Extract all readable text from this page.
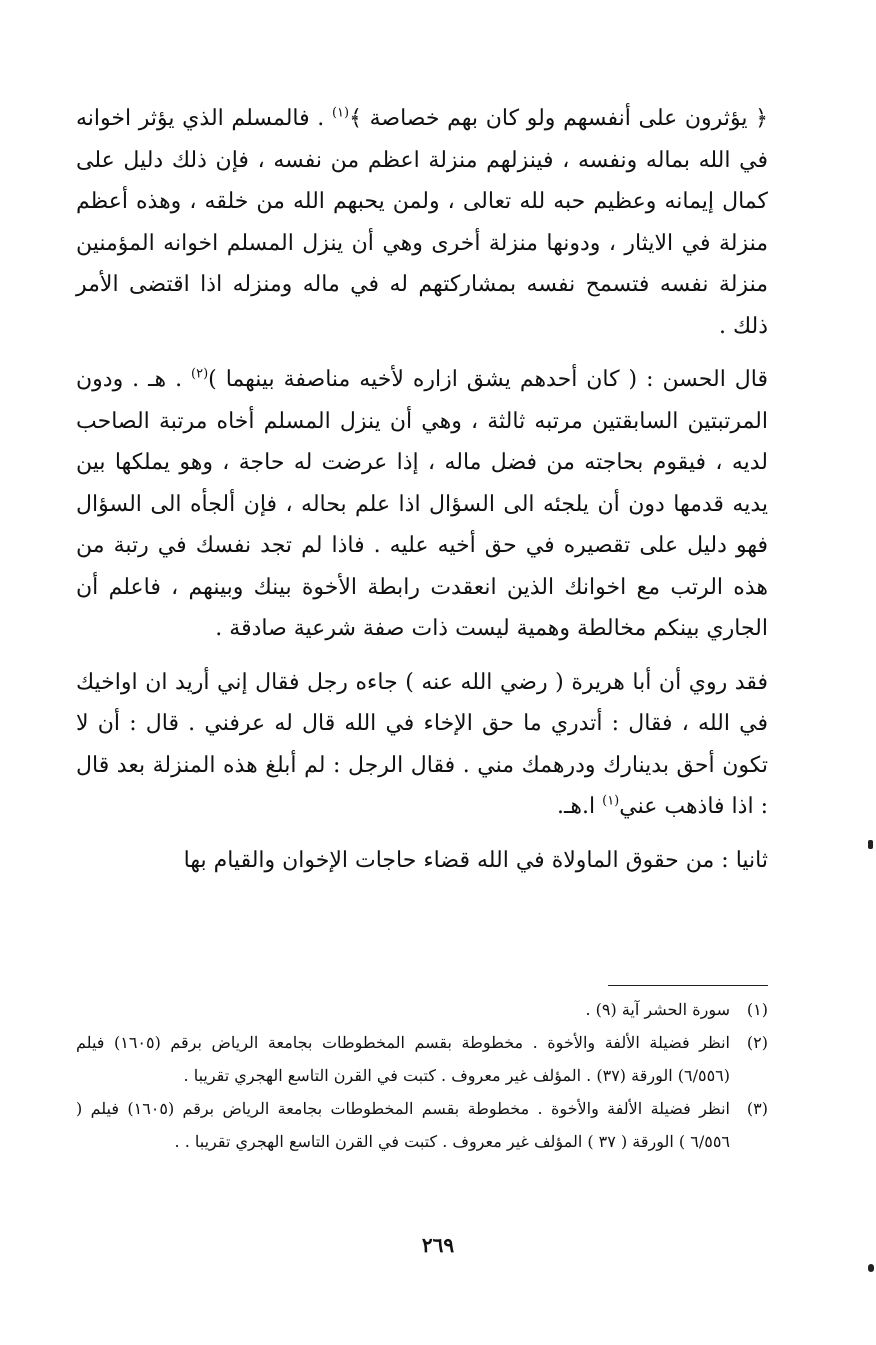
﴿ يؤثرون على أنفسهم ولو كان بهم خصاصة ﴾$^{(١)}$ . فالمسلم الذي يؤثر اخوانه في الله بماله ونفسه ، فينزلهم منزلة اعظم من نفسه ، فإن ذلك دليل على كمال إيمانه وعظيم حبه لله تعالى ، ولمن يحبهم الله من خلقه ، وهذه أعظم منزلة في الايثار ، ودونها منزلة أخرى وهي أن ينزل المسلم اخوانه المؤمنين منزلة نفسه فتسمح نفسه بمشاركتهم له في ماله ومنزله اذا اقتضى الأمر ذلك .

قال الحسن : ( كان أحدهم يشق ازاره لأخيه مناصفة بينهما )$^{(٢)}$ . هـ . ودون المرتبتين السابقتين مرتبه ثالثة ، وهي أن ينزل المسلم أخاه مرتبة الصاحب لديه ، فيقوم بحاجته من فضل ماله ، إذا عرضت له حاجة ، وهو يملكها بين يديه قدمها دون أن يلجئه الى السؤال اذا علم بحاله ، فإن ألجأه الى السؤال فهو دليل على تقصيره في حق أخيه عليه . فاذا لم تجد نفسك في رتبة من هذه الرتب مع اخوانك الذين انعقدت رابطة الأخوة بينك وبينهم ، فاعلم أن الجاري بينكم مخالطة وهمية ليست ذات صفة شرعية صادقة .

فقد روي أن أبا هريرة ( رضي الله عنه ) جاءه رجل فقال إني أريد ان اواخيك في الله ، فقال : أتدري ما حق الإخاء في الله قال له عرفني . قال : أن لا تكون أحق بدينارك ودرهمك مني . فقال الرجل : لم أبلغ هذه المنزلة بعد قال : اذا فاذهب عني$^{(١)}$ ا.هـ.

ثانيا : من حقوق الماولاة في الله قضاء حاجات الإخوان والقيام بها

(١)
سورة الحشر آية (٩) .

(٢)
انظر فضيلة الألفة والأخوة . مخطوطة بقسم المخطوطات بجامعة الرياض برقم (١٦٠٥) فيلم (٦/٥٥٦) الورقة (٣٧) . المؤلف غير معروف . كتبت في القرن التاسع الهجري تقريبا .

(٣)
انظر فضيلة الألفة والأخوة . مخطوطة بقسم المخطوطات بجامعة الرياض برقم (١٦٠٥) فيلم ( ٦/٥٥٦ ) الورقة ( ٣٧ ) المؤلف غير معروف . كتبت في القرن التاسع الهجري تقريبا . .

٢٦٩
